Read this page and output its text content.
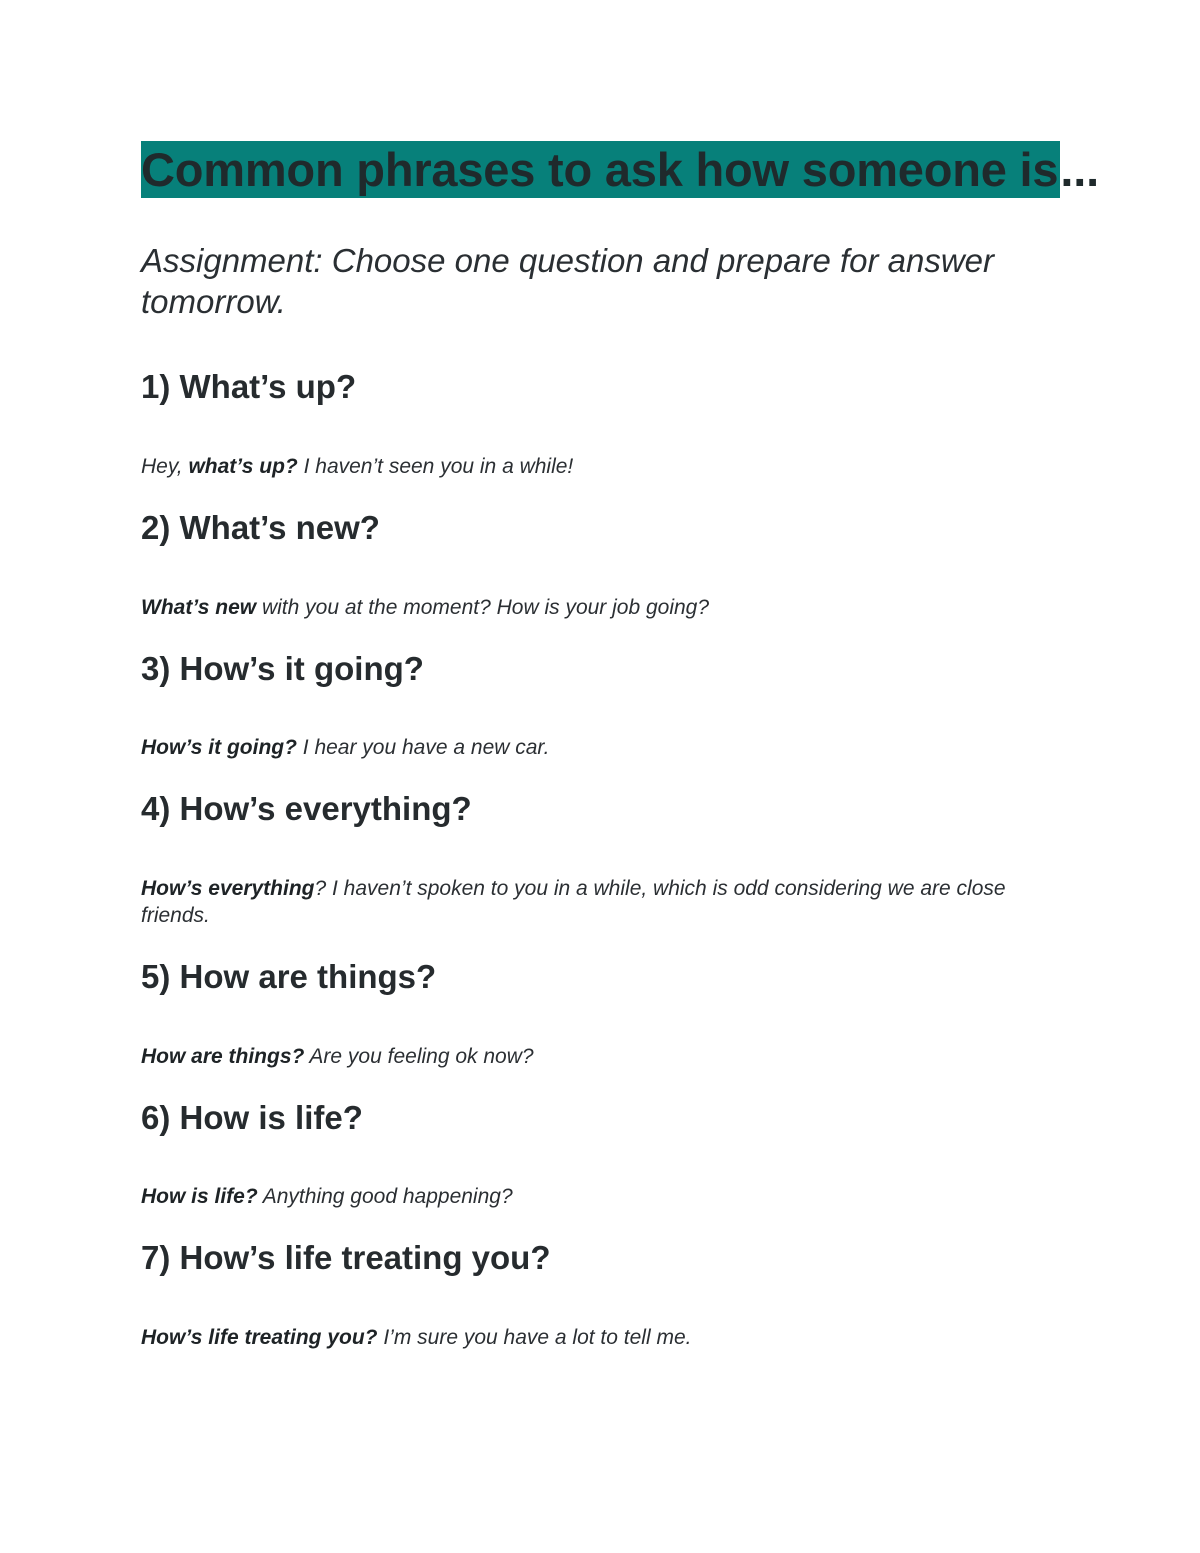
Common phrases to ask how someone is...
Assignment: Choose one question and prepare for answer tomorrow.
1) What’s up?
Hey, what’s up? I haven’t seen you in a while!
2) What’s new?
What’s new with you at the moment? How is your job going?
3) How’s it going?
How’s it going? I hear you have a new car.
4) How’s everything?
How’s everything? I haven’t spoken to you in a while, which is odd considering we are close friends.
5) How are things?
How are things? Are you feeling ok now?
6) How is life?
How is life? Anything good happening?
7) How’s life treating you?
How’s life treating you? I’m sure you have a lot to tell me.
